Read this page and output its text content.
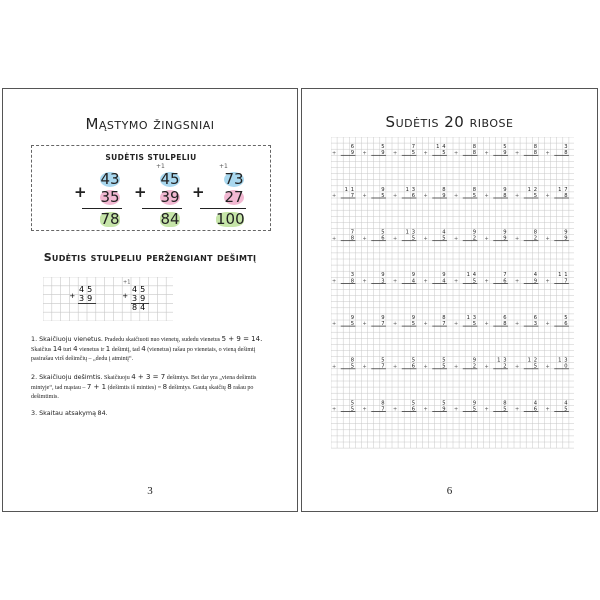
Mąstymo žingsniai
SUDĖTIS STULPELIU
+
43
35
78
+1
+
45
39
84
+1
+
73
27
100
Sudėtis stulpeliu peržengiant dešimtį
+
45
39
+1
+
45
39
84
1. Skaičiuoju vienetus. Pradedu skaičiuoti nuo vienetų, sudedu vienetus 5 + 9 = 14. Skaičius 14 turi 4 vienetus ir 1 dešimtį, tad 4 (vienetus) rašau po vienetais, o vieną dešimtį pasirašau virš dešimčių – „dedu į atmintį“.
2. Skaičiuoju dešimtis. Skaičiuoju 4 + 3 = 7 dešimtys. Bet dar yra „viena dešimtis mintyje“, tad mąstau – 7 + 1 (dešimtis iš minties) = 8 dešimtys. Gautą skaičių 8 rašau po dešimtimis.
3. Skaitau atsakymą 84.
3
Sudėtis 20 ribose
+
6
9 +
5
9 +
7
5 +
4
1
5 +
8
8 +
5
9 +
8
8 +
3
8
+
1
1
7 +
9
5 +
3
1
6 +
8
9 +
8
5 +
9
8 +
2
1
5 +
7
1
8
+
7
8 +
5
6 +
3
1
5 +
4
5 +
9
2 +
9
9 +
8
2 +
9
9
+
3
8 +
9
3 +
9
4 +
9
4 +
4
1
5 +
7
6 +
4
9 +
1
1
7
+
9
5 +
9
7 +
9
5 +
8
7 +
3
1
5 +
6
8 +
6
3 +
5
6
+
8
5 +
5
7 +
5
6 +
5
5 +
9
2 +
3
1
2 +
2
1
5 +
3
1
0
+
5
5 +
8
7 +
5
6 +
5
9 +
9
5 +
8
5 +
4
6 +
4
5
6
